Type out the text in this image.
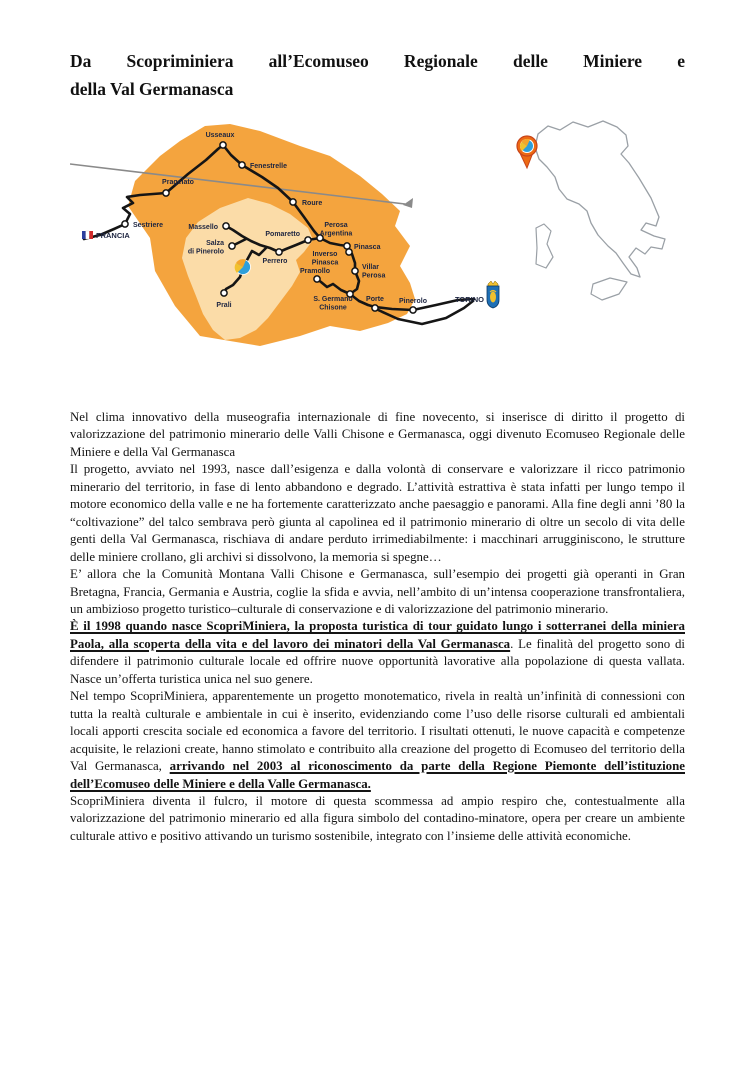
Da Scopriminiera all’Ecomuseo Regionale delle Miniere e
della Val Germanasca
FRANCIA
TORINO
Usseaux
Fenestrelle
Pragelato
Roure
Sestriere	Massello
Salza
di Pinerolo
Pomaretto
Perosa
Argentina
Pinasca
Inverso
Pinasca
Villar
Perosa
Perrero
Pramollo
S. Germano
Chisone
Porte Pinerolo
Prali

Nel clima innovativo della museografia internazionale di fine novecento, si inserisce di diritto il progetto di valorizzazione del patrimonio minerario delle Valli Chisone e Germanasca, oggi divenuto Ecomuseo Regionale delle Miniere e della Val Germanasca

Il progetto, avviato nel 1993, nasce dall’esigenza e dalla volontà di conservare e valorizzare il ricco patrimonio minerario del territorio, in fase di lento abbandono e degrado. L’attività estrattiva è stata infatti per lungo tempo il motore economico della valle e ne ha fortemente caratterizzato anche paesaggio e panorami. Alla fine degli anni ’80 la “coltivazione” del talco sembrava però giunta al capolinea ed il patrimonio minerario di oltre un secolo di vita delle genti della Val Germanasca, rischiava di andare perduto irrimediabilmente: i macchinari arrugginiscono, le strutture delle miniere crollano, gli archivi si dissolvono, la memoria si spegne…

E’ allora che la Comunità Montana Valli Chisone e Germanasca, sull’esempio dei progetti già operanti in Gran Bretagna, Francia, Germania e Austria, coglie la sfida e avvia, nell’ambito di un’intensa cooperazione transfrontaliera, un ambizioso progetto turistico–culturale di conservazione e di valorizzazione del patrimonio minerario.

È il 1998 quando nasce ScopriMiniera, la proposta turistica di tour guidato lungo i sotterranei della miniera Paola, alla scoperta della vita e del lavoro dei minatori della Val Germanasca. Le finalità del progetto sono di difendere il patrimonio culturale locale ed offrire nuove opportunità lavorative alla popolazione di questa vallata. Nasce un’offerta turistica unica nel suo genere.

Nel tempo ScopriMiniera, apparentemente un progetto monotematico, rivela in realtà un’infinità di connessioni con tutta la realtà culturale e ambientale in cui è inserito, evidenziando come l’uso delle risorse culturali ed ambientali locali apporti crescita sociale ed economica a favore del territorio. I risultati ottenuti, le nuove capacità e competenze acquisite, le relazioni create, hanno stimolato e contribuito alla creazione del progetto di Ecomuseo del territorio della Val Germanasca, arrivando nel 2003 al riconoscimento da parte della Regione Piemonte dell’istituzione dell’Ecomuseo delle Miniere e della Valle Germanasca.

ScopriMiniera diventa il fulcro, il motore di questa scommessa ad ampio respiro che, contestualmente alla valorizzazione del patrimonio minerario ed alla figura simbolo del contadino-minatore, opera per creare un ambiente culturale attivo e positivo attivando un turismo sostenibile, integrato con l’insieme delle attività economiche.
